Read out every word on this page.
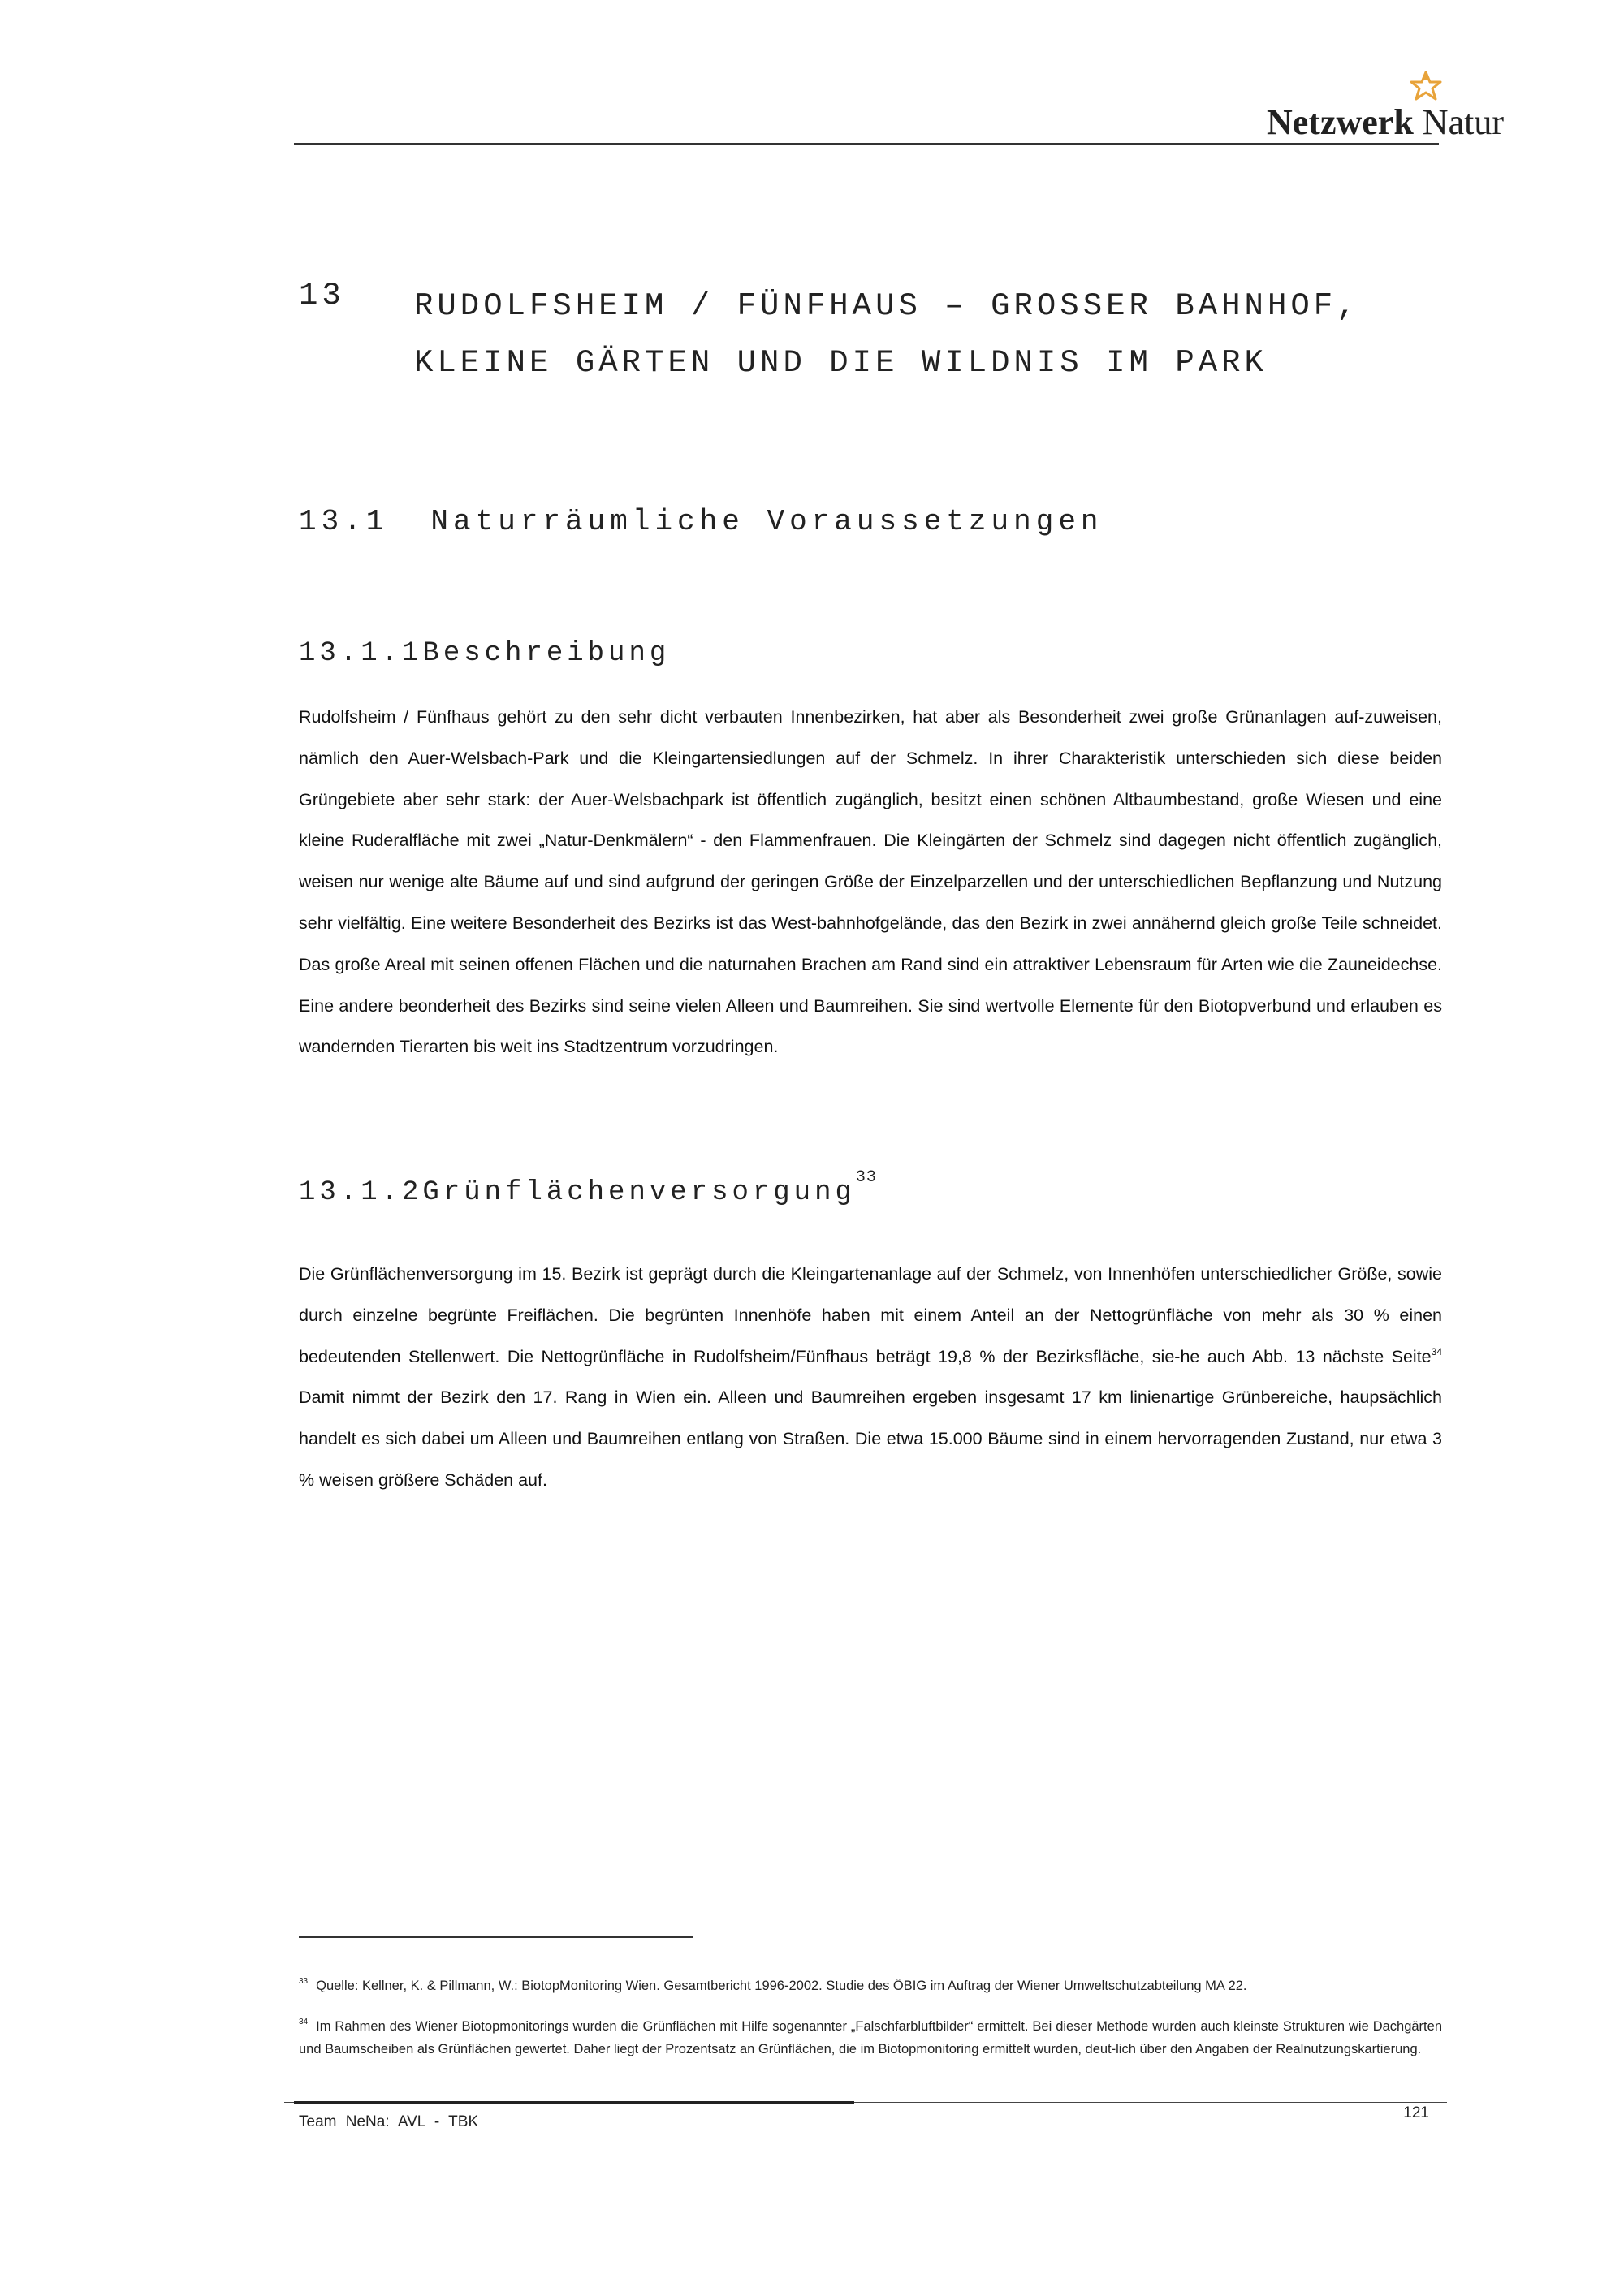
Netzwerk Natur
13 RUDOLFSHEIM / FÜNFHAUS – GROSSER BAHNHOF, KLEINE GÄRTEN UND DIE WILDNIS IM PARK
13.1 Naturräumliche Voraussetzungen
13.1.1Beschreibung
Rudolfsheim / Fünfhaus gehört zu den sehr dicht verbauten Innenbezirken, hat aber als Besonderheit zwei große Grünanlagen auf-zuweisen, nämlich den Auer-Welsbach-Park und die Kleingartensiedlungen auf der Schmelz. In ihrer Charakteristik unterschieden sich diese beiden Grüngebiete aber sehr stark: der Auer-Welsbachpark ist öffentlich zugänglich, besitzt einen schönen Altbaumbestand, große Wiesen und eine kleine Ruderalfläche mit zwei „Natur-Denkmälern“ - den Flammenfrauen. Die Kleingärten der Schmelz sind dagegen nicht öffentlich zugänglich, weisen nur wenige alte Bäume auf und sind aufgrund der geringen Größe der Einzelparzellen und der unterschiedlichen Bepflanzung und Nutzung sehr vielfältig. Eine weitere Besonderheit des Bezirks ist das West-bahnhofgelände, das den Bezirk in zwei annähernd gleich große Teile schneidet. Das große Areal mit seinen offenen Flächen und die naturnahen Brachen am Rand sind ein attraktiver Lebensraum für Arten wie die Zauneidechse. Eine andere beonderheit des Bezirks sind seine vielen Alleen und Baumreihen. Sie sind wertvolle Elemente für den Biotopverbund und erlauben es wandernden Tierarten bis weit ins Stadtzentrum vorzudringen.
13.1.2Grünflächenversorgung$^{33}$
Die Grünflächenversorgung im 15. Bezirk ist geprägt durch die Kleingartenanlage auf der Schmelz, von Innenhöfen unterschiedlicher Größe, sowie durch einzelne begrünte Freiflächen. Die begrünten Innenhöfe haben mit einem Anteil an der Nettogrünfläche von mehr als 30 % einen bedeutenden Stellenwert. Die Nettogrünfläche in Rudolfsheim/Fünfhaus beträgt 19,8 % der Bezirksfläche, sie-he auch Abb. 13 nächste Seite$^{34}$ Damit nimmt der Bezirk den 17. Rang in Wien ein. Alleen und Baumreihen ergeben insgesamt 17 km linienartige Grünbereiche, haupsächlich handelt es sich dabei um Alleen und Baumreihen entlang von Straßen. Die etwa 15.000 Bäume sind in einem hervorragenden Zustand, nur etwa 3 % weisen größere Schäden auf.
$^{33}$ Quelle: Kellner, K. & Pillmann, W.: BiotopMonitoring Wien. Gesamtbericht 1996-2002. Studie des ÖBIG im Auftrag der Wiener Umweltschutzabteilung MA 22.
$^{34}$ Im Rahmen des Wiener Biotopmonitorings wurden die Grünflächen mit Hilfe sogenannter „Falschfarbluftbilder“ ermittelt. Bei dieser Methode wurden auch kleinste Strukturen wie Dachgärten und Baumscheiben als Grünflächen gewertet. Daher liegt der Prozentsatz an Grünflächen, die im Biotopmonitoring ermittelt wurden, deut-lich über den Angaben der Realnutzungskartierung.
Team NeNa: AVL - TBK
121
